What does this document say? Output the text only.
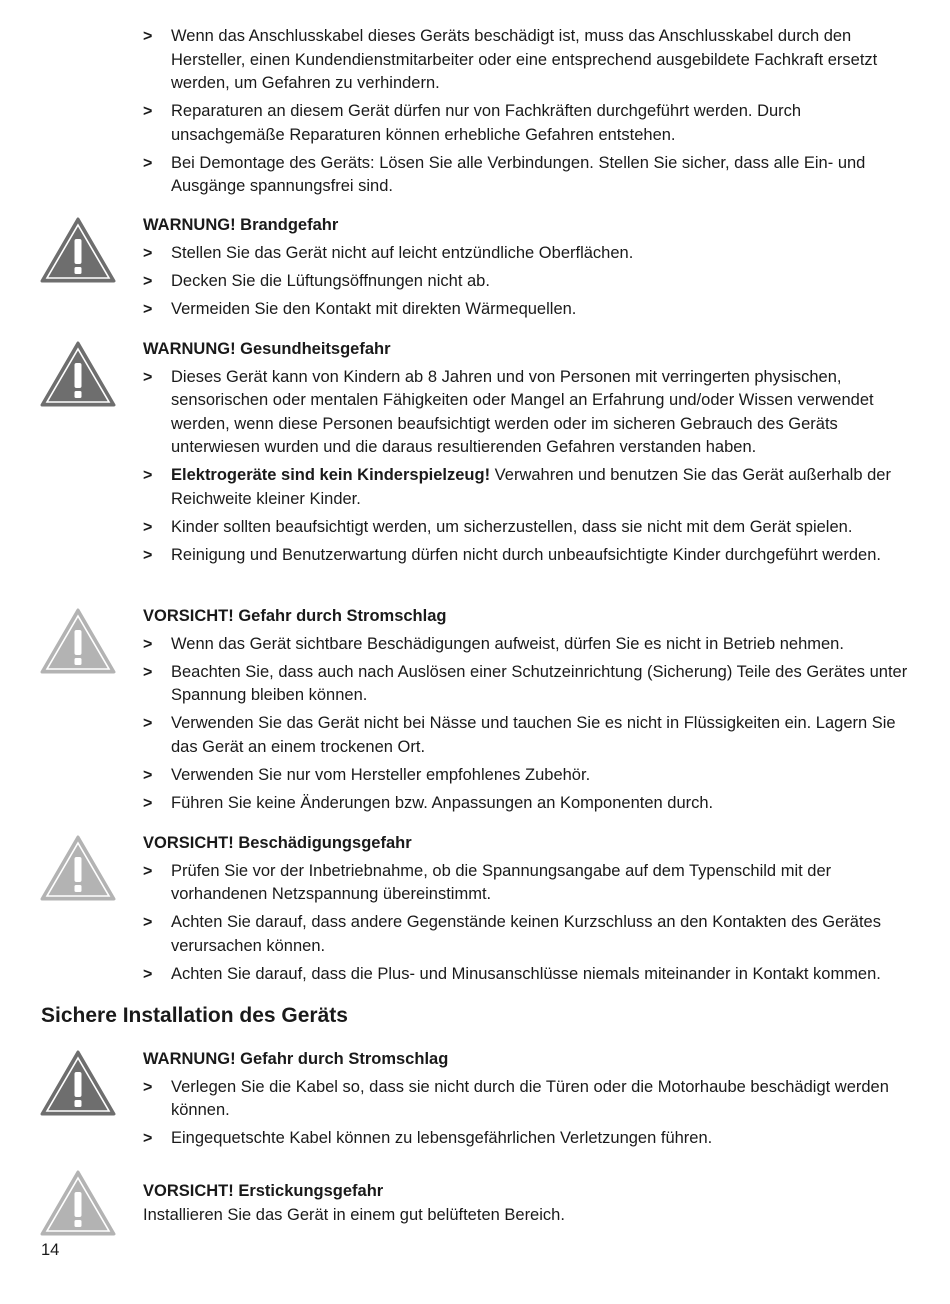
> Wenn das Anschlusskabel dieses Geräts beschädigt ist, muss das Anschlusskabel durch den Hersteller, einen Kundendienstmitarbeiter oder eine entsprechend ausgebildete Fachkraft ersetzt werden, um Gefahren zu verhindern.
> Reparaturen an diesem Gerät dürfen nur von Fachkräften durchgeführt werden. Durch unsachgemäße Reparaturen können erhebliche Gefahren entstehen.
> Bei Demontage des Geräts: Lösen Sie alle Verbindungen. Stellen Sie sicher, dass alle Ein- und Ausgänge spannungsfrei sind.
WARNUNG! Brandgefahr
> Stellen Sie das Gerät nicht auf leicht entzündliche Oberflächen.
> Decken Sie die Lüftungsöffnungen nicht ab.
> Vermeiden Sie den Kontakt mit direkten Wärmequellen.
WARNUNG! Gesundheitsgefahr
> Dieses Gerät kann von Kindern ab 8 Jahren und von Personen mit verringerten physischen, sensorischen oder mentalen Fähigkeiten oder Mangel an Erfahrung und/oder Wissen verwendet werden, wenn diese Personen beaufsichtigt werden oder im sicheren Gebrauch des Geräts unterwiesen wurden und die daraus resultierenden Gefahren verstanden haben.
> Elektrogeräte sind kein Kinderspielzeug! Verwahren und benutzen Sie das Gerät außerhalb der Reichweite kleiner Kinder.
> Kinder sollten beaufsichtigt werden, um sicherzustellen, dass sie nicht mit dem Gerät spielen.
> Reinigung und Benutzerwartung dürfen nicht durch unbeaufsichtigte Kinder durchgeführt werden.
VORSICHT! Gefahr durch Stromschlag
> Wenn das Gerät sichtbare Beschädigungen aufweist, dürfen Sie es nicht in Betrieb nehmen.
> Beachten Sie, dass auch nach Auslösen einer Schutzeinrichtung (Sicherung) Teile des Gerätes unter Spannung bleiben können.
> Verwenden Sie das Gerät nicht bei Nässe und tauchen Sie es nicht in Flüssigkeiten ein. Lagern Sie das Gerät an einem trockenen Ort.
> Verwenden Sie nur vom Hersteller empfohlenes Zubehör.
> Führen Sie keine Änderungen bzw. Anpassungen an Komponenten durch.
VORSICHT! Beschädigungsgefahr
> Prüfen Sie vor der Inbetriebnahme, ob die Spannungsangabe auf dem Typenschild mit der vorhandenen Netzspannung übereinstimmt.
> Achten Sie darauf, dass andere Gegenstände keinen Kurzschluss an den Kontakten des Gerätes verursachen können.
> Achten Sie darauf, dass die Plus- und Minusanschlüsse niemals miteinander in Kontakt kommen.
Sichere Installation des Geräts
WARNUNG! Gefahr durch Stromschlag
> Verlegen Sie die Kabel so, dass sie nicht durch die Türen oder die Motorhaube beschädigt werden können.
> Eingequetschte Kabel können zu lebensgefährlichen Verletzungen führen.
VORSICHT! Erstickungsgefahr

Installieren Sie das Gerät in einem gut belüfteten Bereich.

14
